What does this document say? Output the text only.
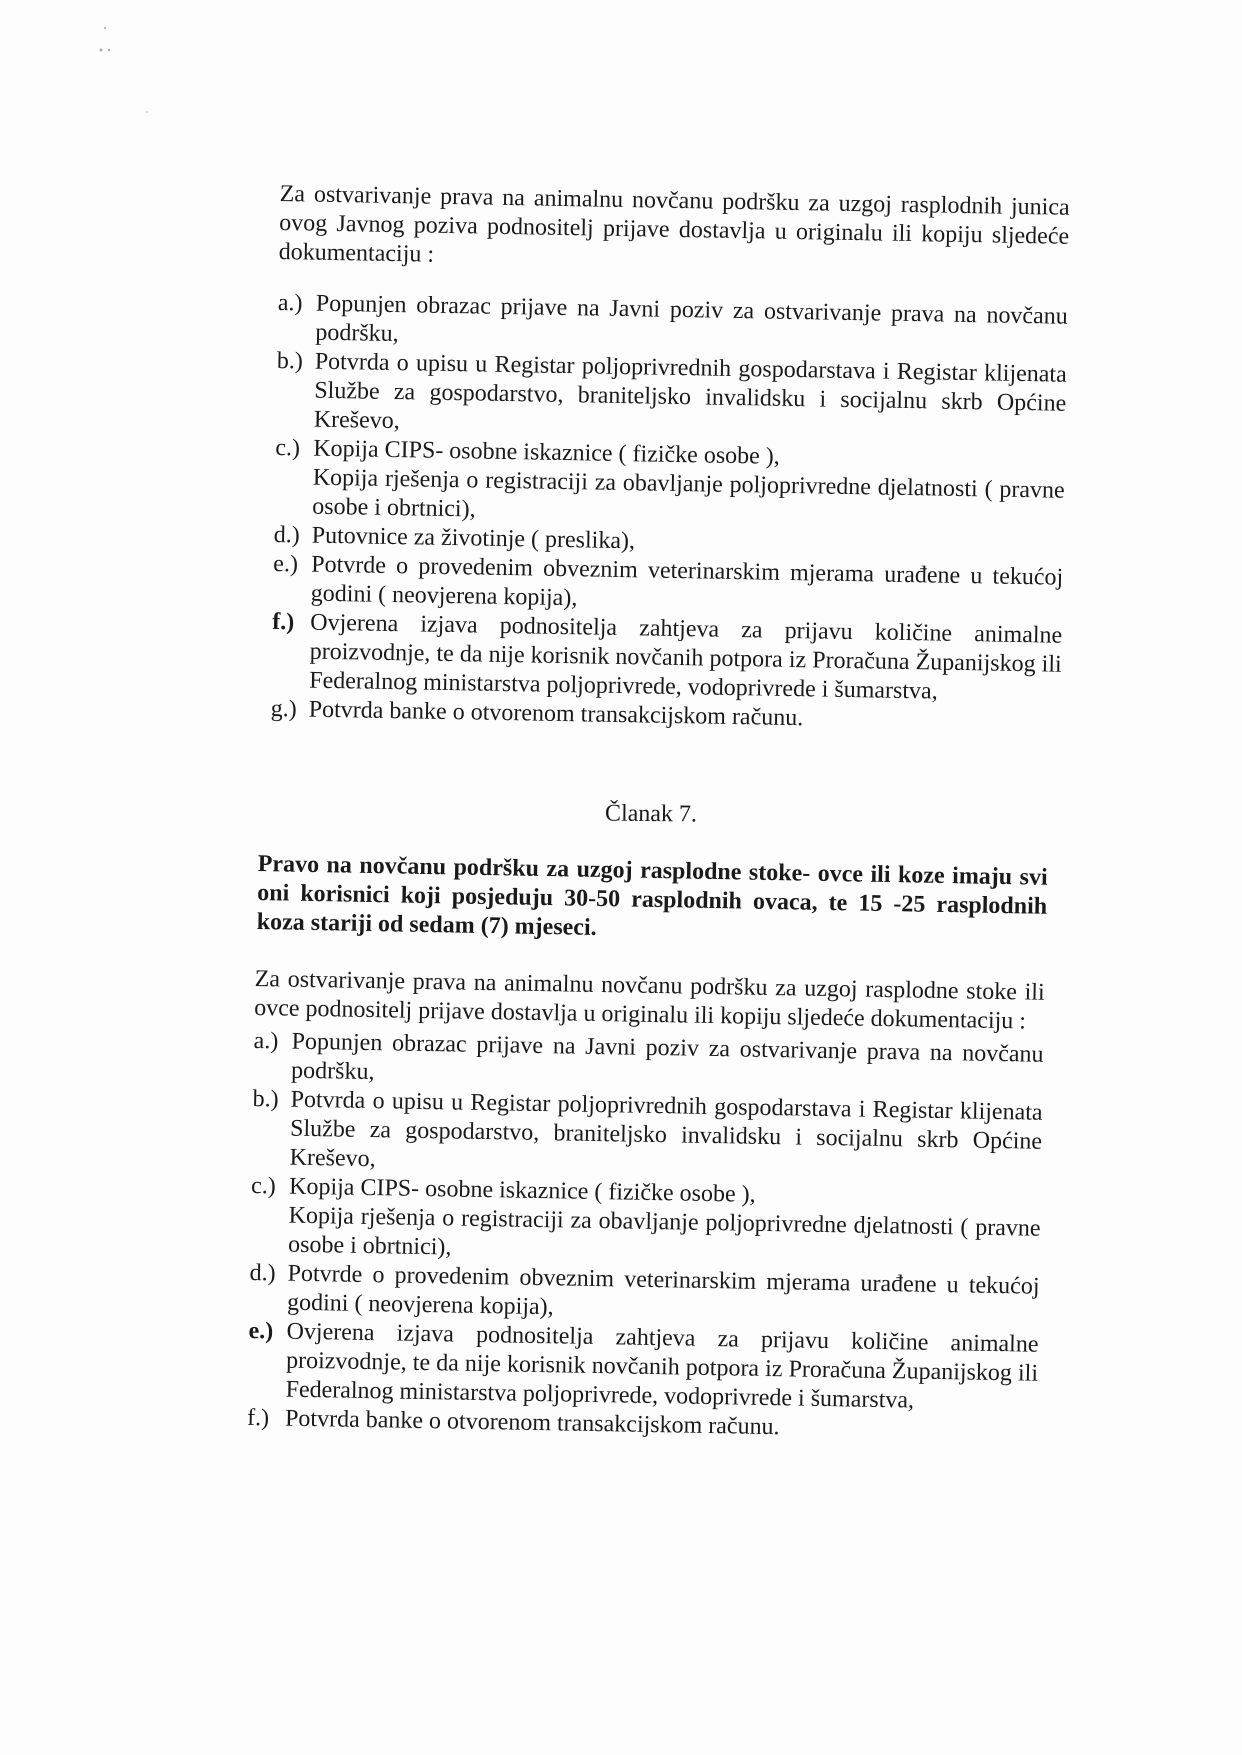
Za ostvarivanje prava na animalnu novčanu podršku za uzgoj rasplodnih junica ovog Javnog poziva podnositelj prijave dostavlja u originalu ili kopiju sljedeće dokumentaciju :

a.) Popunjen obrazac prijave na Javni poziv za ostvarivanje prava na novčanu podršku,
b.) Potvrda o upisu u Registar poljoprivrednih gospodarstava i Registar klijenata Službe za gospodarstvo, braniteljsko invalidsku i socijalnu skrb Općine Kreševo,
c.) Kopija CIPS- osobne iskaznice ( fizičke osobe ),
Kopija rješenja o registraciji za obavljanje poljoprivredne djelatnosti ( pravne osobe i obrtnici),
d.) Putovnice za životinje ( preslika),
e.) Potvrde o provedenim obveznim veterinarskim mjerama urađene u tekućoj godini ( neovjerena kopija),
f.) Ovjerena izjava podnositelja zahtjeva za prijavu količine animalne proizvodnje, te da nije korisnik novčanih potpora iz Proračuna Županijskog ili Federalnog ministarstva poljoprivrede, vodoprivrede i šumarstva,
g.) Potvrda banke o otvorenom transakcijskom računu.
Članak 7.
Pravo na novčanu podršku za uzgoj rasplodne stoke- ovce ili koze imaju svi oni korisnici koji posjeduju 30-50 rasplodnih ovaca, te 15 -25 rasplodnih koza stariji od sedam (7) mjeseci.

Za ostvarivanje prava na animalnu novčanu podršku za uzgoj rasplodne stoke ili ovce podnositelj prijave dostavlja u originalu ili kopiju sljedeće dokumentaciju :

a.) Popunjen obrazac prijave na Javni poziv za ostvarivanje prava na novčanu podršku,
b.) Potvrda o upisu u Registar poljoprivrednih gospodarstava i Registar klijenata Službe za gospodarstvo, braniteljsko invalidsku i socijalnu skrb Općine Kreševo,
c.) Kopija CIPS- osobne iskaznice ( fizičke osobe ),
Kopija rješenja o registraciji za obavljanje poljoprivredne djelatnosti ( pravne osobe i obrtnici),
d.) Potvrde o provedenim obveznim veterinarskim mjerama urađene u tekućoj godini ( neovjerena kopija),
e.) Ovjerena izjava podnositelja zahtjeva za prijavu količine animalne proizvodnje, te da nije korisnik novčanih potpora iz Proračuna Županijskog ili Federalnog ministarstva poljoprivrede, vodoprivrede i šumarstva,
f.) Potvrda banke o otvorenom transakcijskom računu.
